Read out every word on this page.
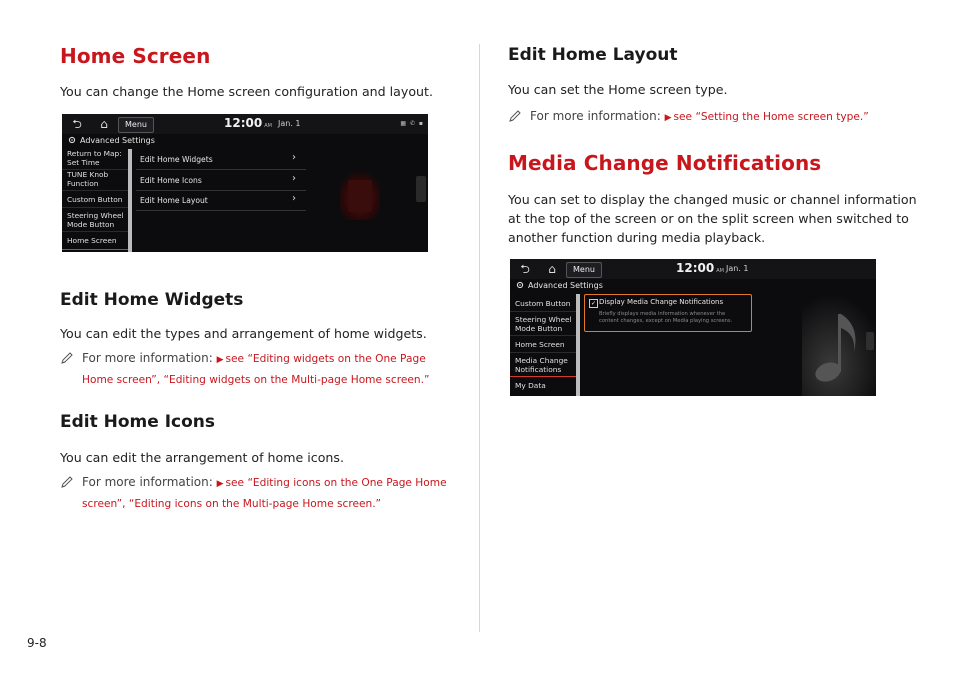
Home Screen

You can change the Home screen configuration and layout.

⮌	⌂	Menu	12:00 AM Jan. 1	▦ ✆ ▪
Advanced Settings
Return to Map:
Set Time
TUNE Knob
Function
Custom Button
Steering Wheel
Mode Button
Home Screen
Edit Home Widgets	›
Edit Home Icons	›
Edit Home Layout	›
Edit Home Widgets

You can edit the types and arrangement of home widgets.

For more information: ▶ see “Editing widgets on the One Page
Home screen”, “Editing widgets on the Multi-page Home screen.”
Edit Home Icons

You can edit the arrangement of home icons.

For more information: ▶ see “Editing icons on the One Page Home
screen”, “Editing icons on the Multi-page Home screen.”
Edit Home Layout

You can set the Home screen type.

For more information: ▶ see “Setting the Home screen type.”
Media Change Notifications

You can set to display the changed music or channel information
at the top of the screen or on the split screen when switched to
another function during media playback.

⮌	⌂	Menu	12:00 AM Jan. 1
Advanced Settings
Custom Button
Steering Wheel
Mode Button
Home Screen
Media Change
Notifications
My Data
✓ Display Media Change Notifications
Briefly displays media information whenever the
content changes, except on Media playing screens.
9-8
